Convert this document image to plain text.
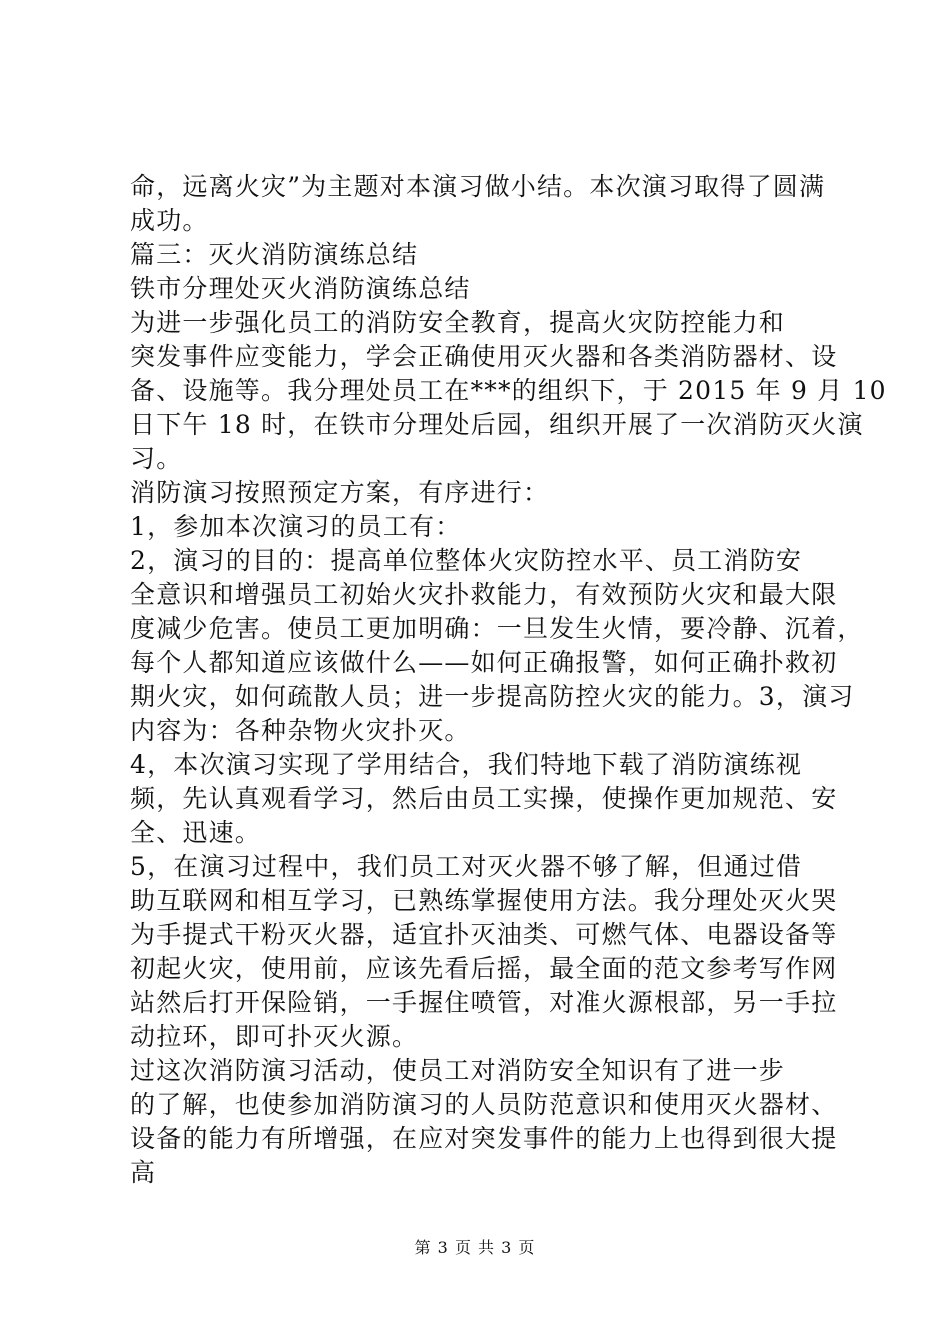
命，远离火灾”为主题对本演习做小结。本次演习取得了圆满
成功。
篇三：灭火消防演练总结
铁市分理处灭火消防演练总结
为进一步强化员工的消防安全教育，提高火灾防控能力和
突发事件应变能力，学会正确使用灭火器和各类消防器材、设
备、设施等。我分理处员工在***的组织下，于 2015 年 9 月 10
日下午 18 时，在铁市分理处后园，组织开展了一次消防灭火演
习。
消防演习按照预定方案，有序进行：
1，参加本次演习的员工有：
2，演习的目的：提高单位整体火灾防控水平、员工消防安
全意识和增强员工初始火灾扑救能力，有效预防火灾和最大限
度减少危害。使员工更加明确：一旦发生火情，要冷静、沉着，
每个人都知道应该做什么——如何正确报警，如何正确扑救初
期火灾，如何疏散人员；进一步提高防控火灾的能力。3，演习
内容为：各种杂物火灾扑灭。
4，本次演习实现了学用结合，我们特地下载了消防演练视
频，先认真观看学习，然后由员工实操，使操作更加规范、安
全、迅速。
5，在演习过程中，我们员工对灭火器不够了解，但通过借
助互联网和相互学习，已熟练掌握使用方法。我分理处灭火哭
为手提式干粉灭火器，适宜扑灭油类、可燃气体、电器设备等
初起火灾，使用前，应该先看后摇，最全面的范文参考写作网
站然后打开保险销，一手握住喷管，对准火源根部，另一手拉
动拉环，即可扑灭火源。
过这次消防演习活动，使员工对消防安全知识有了进一步
的了解，也使参加消防演习的人员防范意识和使用灭火器材、
设备的能力有所增强，在应对突发事件的能力上也得到很大提
高
第 3 页 共 3 页
